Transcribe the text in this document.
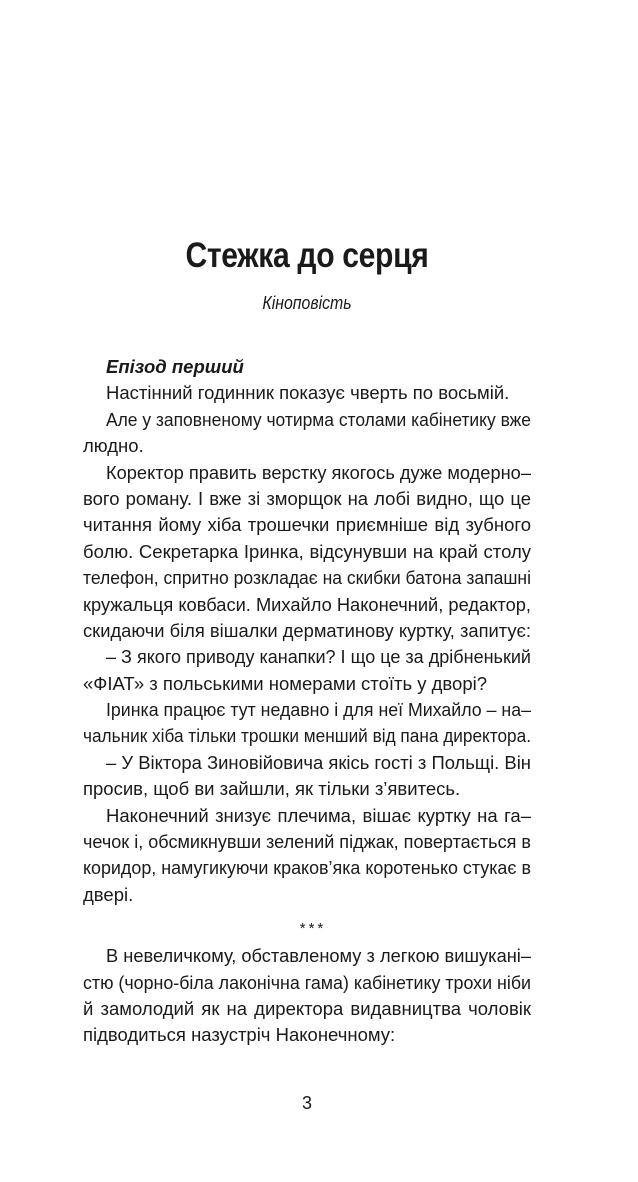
Стежка до серця

Кіноповість

Епізод перший
Настінний годинник показує чверть по восьмій.
Але у заповненому чотирма столами кабінетику вже
людно.
Коректор править верстку якогось дуже модерно–
вого роману. І вже зі зморщок на лобі видно, що це
читання йому хіба трошечки приємніше від зубного
болю. Секретарка Іринка, відсунувши на край столу
телефон, спритно розкладає на скибки батона запашні
кружальця ковбаси. Михайло Наконечний, редактор,
скидаючи біля вішалки дерматинову куртку, запитує:
– З якого приводу канапки? І що це за дрібненький
«ФІАТ» з польськими номерами стоїть у дворі?
Іринка працює тут недавно і для неї Михайло – на–
чальник хіба тільки трошки менший від пана директора.
– У Віктора Зиновійовича якісь гості з Польщі. Він
просив, щоб ви зайшли, як тільки з’явитесь.
Наконечний знизує плечима, вішає куртку на га–
чечок і, обсмикнувши зелений піджак, повертається в
коридор, намугикуючи краков’яка коротенько стукає в
двері.
***
В невеличкому, обставленому з легкою вишукані–
стю (чорно-біла лаконічна гама) кабінетику трохи ніби
й замолодий як на директора видавництва чоловік
підводиться назустріч Наконечному:
3
